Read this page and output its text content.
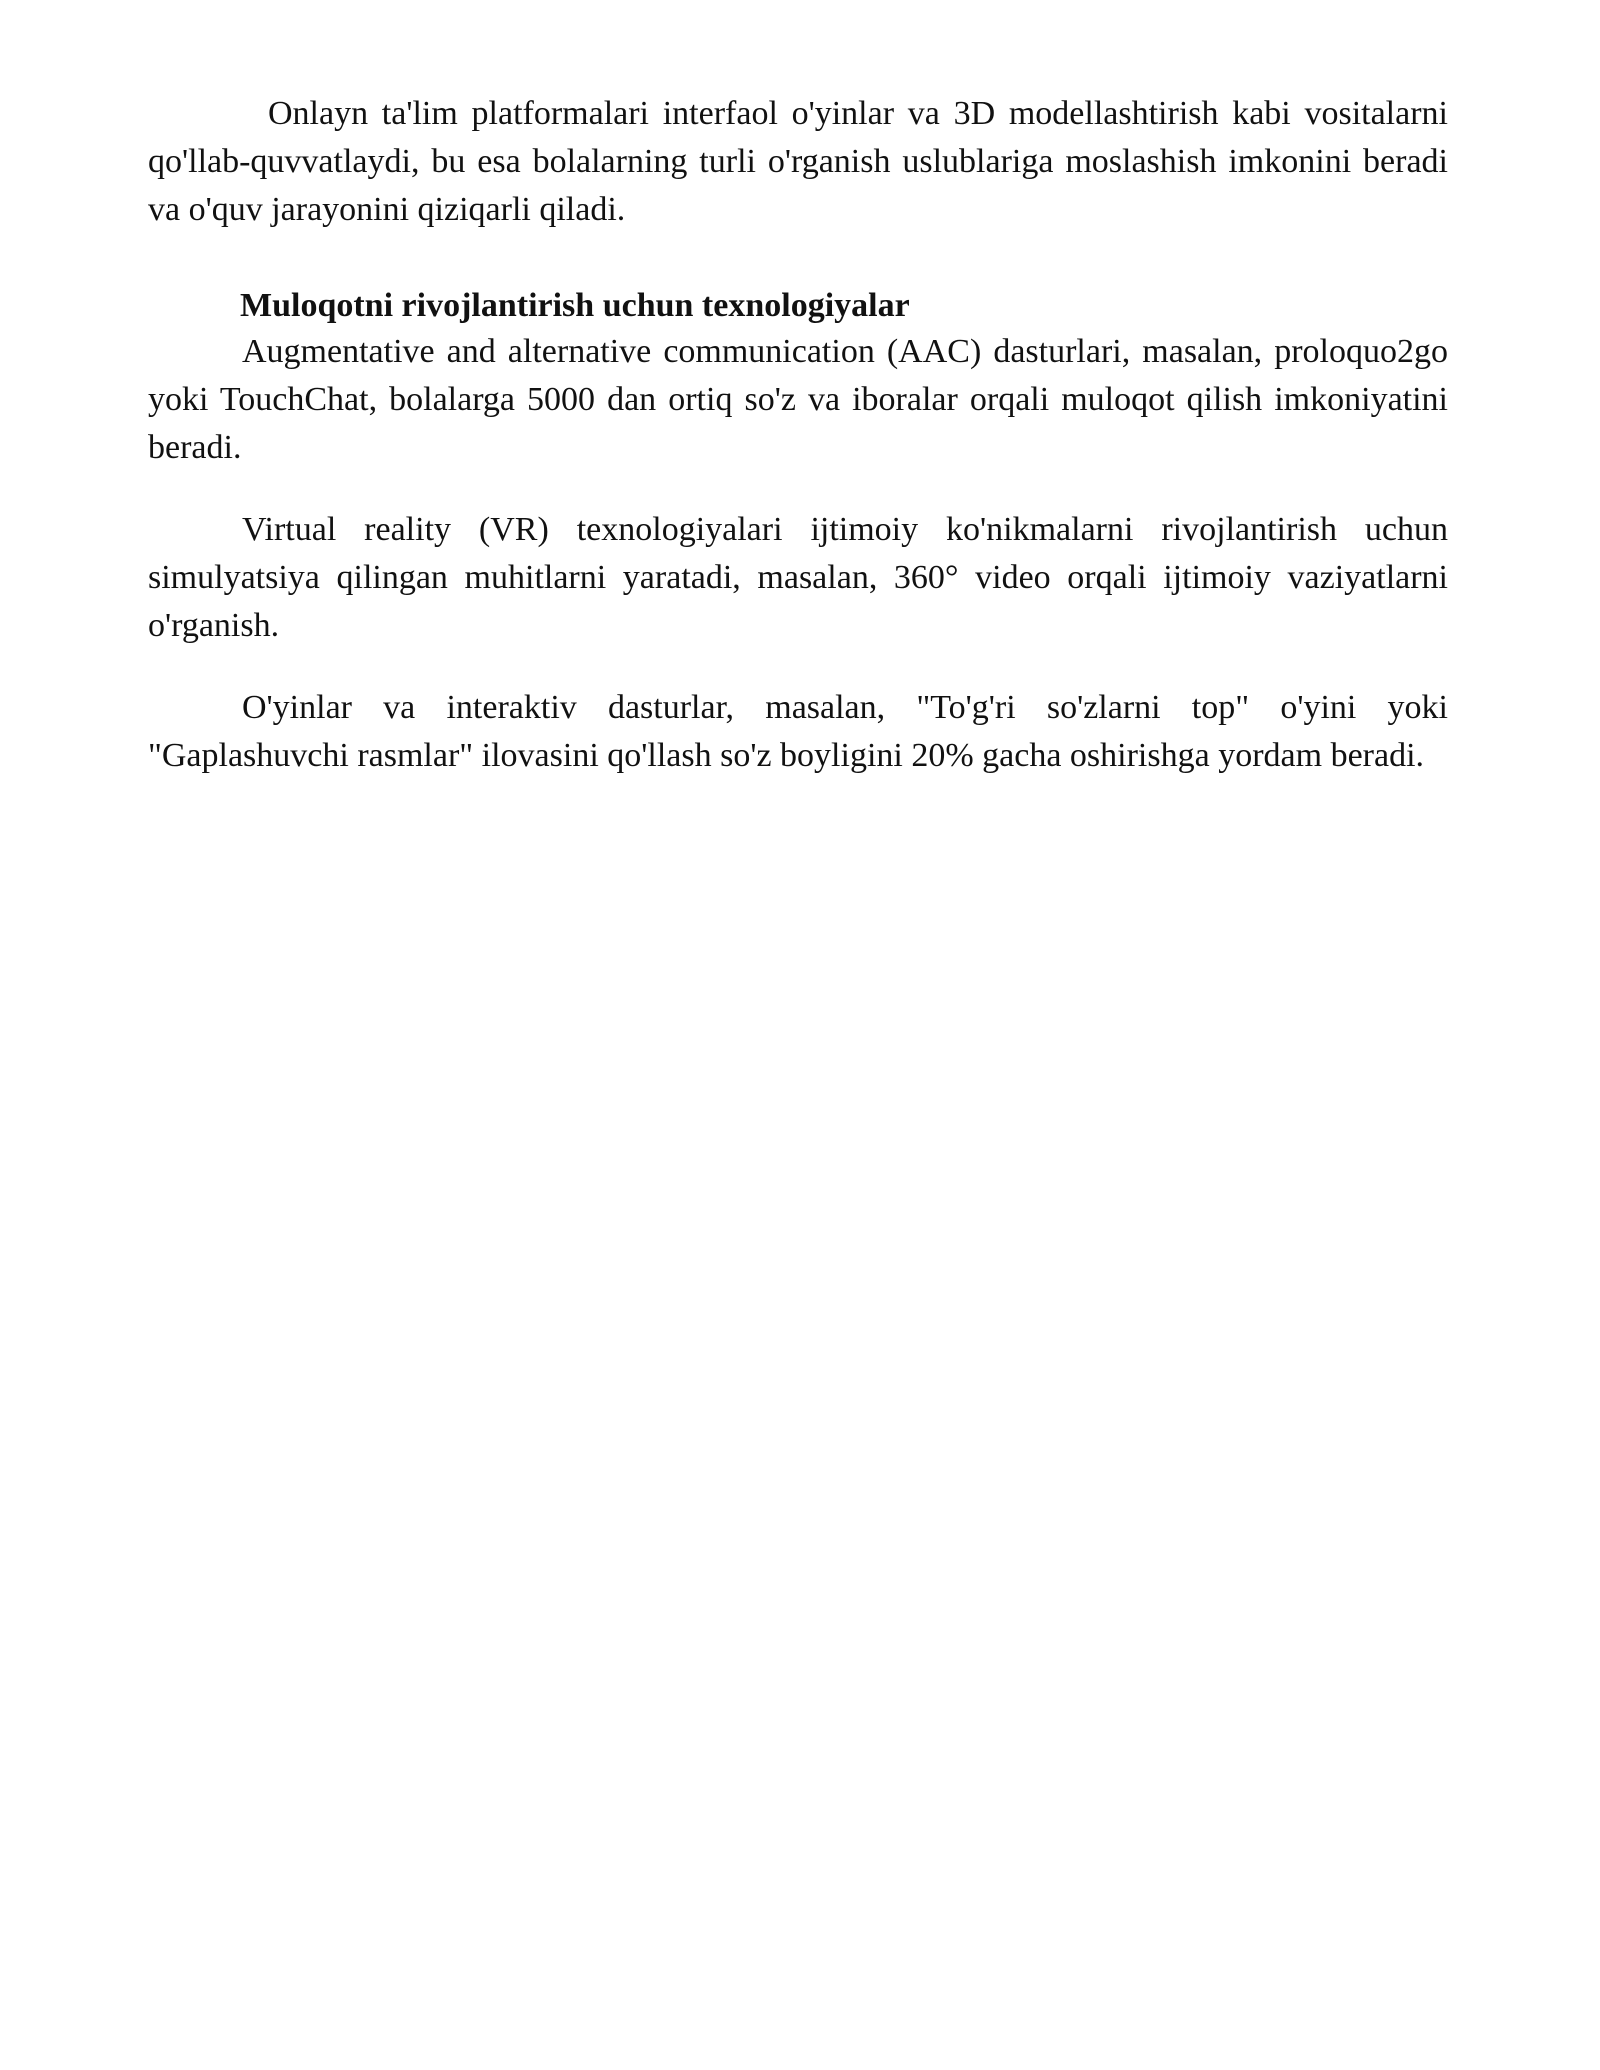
Onlayn ta'lim platformalari interfaol o'yinlar va 3D modellashtirish kabi vositalarni qo'llab-quvvatlaydi, bu esa bolalarning turli o'rganish uslublariga moslashish imkonini beradi va o'quv jarayonini qiziqarli qiladi.

Muloqotni rivojlantirish uchun texnologiyalar

Augmentative and alternative communication (AAC) dasturlari, masalan, proloquo2go yoki TouchChat, bolalarga 5000 dan ortiq so'z va iboralar orqali muloqot qilish imkoniyatini beradi.

Virtual reality (VR) texnologiyalari ijtimoiy ko'nikmalarni rivojlantirish uchun simulyatsiya qilingan muhitlarni yaratadi, masalan, 360° video orqali ijtimoiy vaziyatlarni o'rganish.

O'yinlar va interaktiv dasturlar, masalan, "To'g'ri so'zlarni top" o'yini yoki "Gaplashuvchi rasmlar" ilovasini qo'llash so'z boyligini 20% gacha oshirishga yordam beradi.
